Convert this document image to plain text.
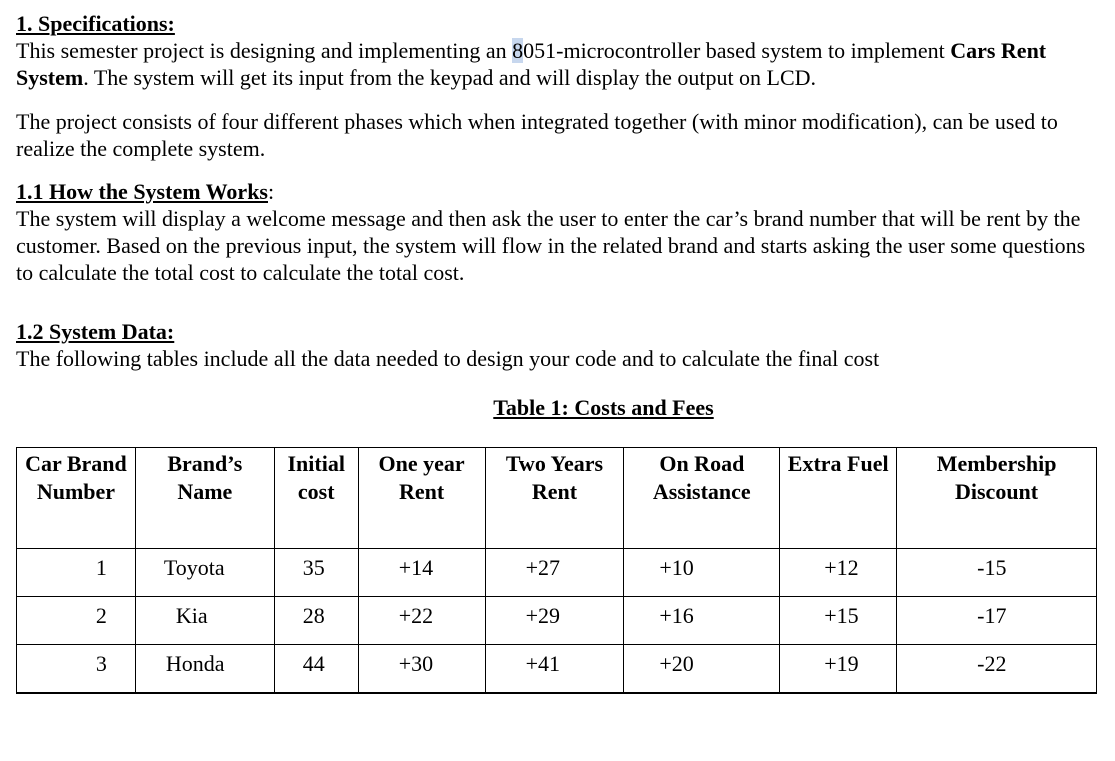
1. Specifications:

This semester project is designing and implementing an 8051-microcontroller based system to implement Cars Rent System. The system will get its input from the keypad and will display the output on LCD.

The project consists of four different phases which when integrated together (with minor modification), can be used to realize the complete system.

1.1 How the System Works:

The system will display a welcome message and then ask the user to enter the car’s brand number that will be rent by the customer. Based on the previous input, the system will flow in the related brand and starts asking the user some questions to calculate the total cost to calculate the total cost.

1.2 System Data:

The following tables include all the data needed to design your code and to calculate the final cost

Table 1: Costs and Fees
Car Brand Number	Brand’s Name	Initial cost	One year Rent	Two Years Rent	On Road Assistance	Extra Fuel	Membership Discount
1	Toyota	35	+14	+27	+10	+12	-15
2	Kia	28	+22	+29	+16	+15	-17
3	Honda	44	+30	+41	+20	+19	-22
